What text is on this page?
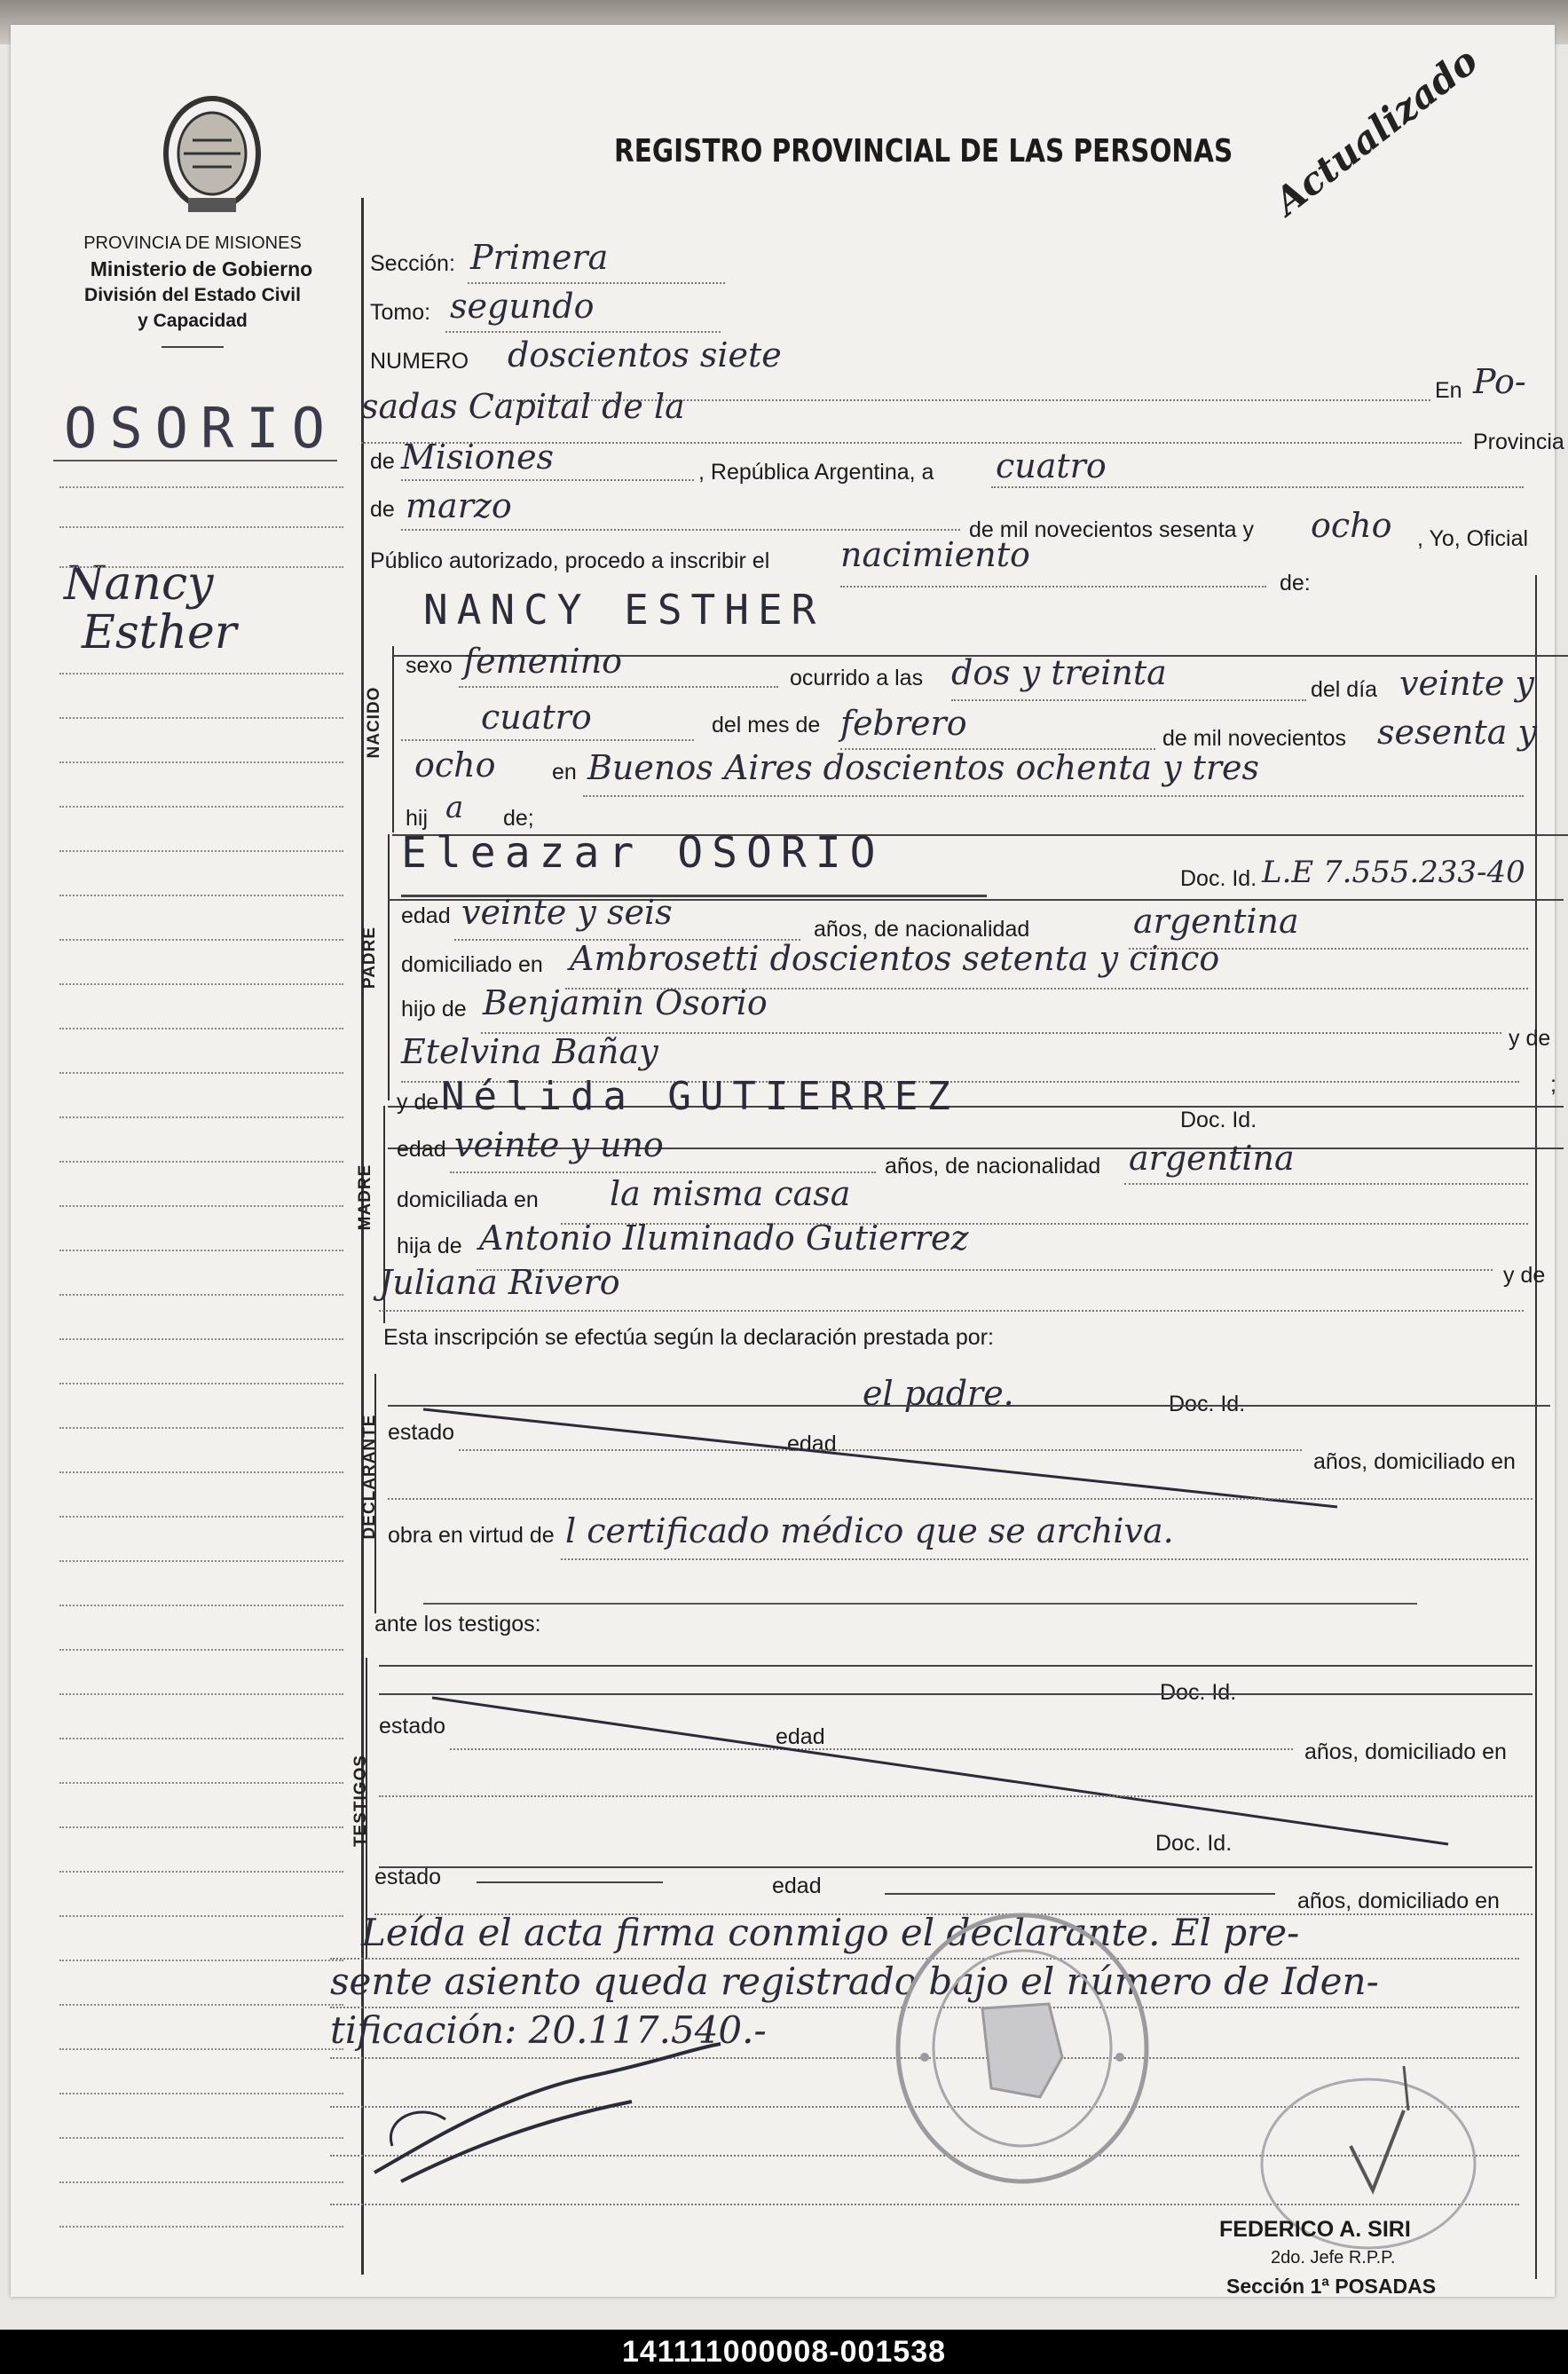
PROVINCIA DE MISIONES
Ministerio de Gobierno
División del Estado Civil
y Capacidad
REGISTRO PROVINCIAL DE LAS PERSONAS Actualizado
OSORIO
Nancy
Esther
Sección: Primera
Tomo: segundo
NUMERO doscientos siete
En Po-
sadas Capital de la
Provincia
de Misiones	, República Argentina, a cuatro
de marzo
de mil novecientos sesenta y ocho , Yo, Oficial
Público autorizado, procedo a inscribir el nacimiento
de:
NANCY ESTHER
NACIDO
sexo femenino	ocurrido a las dos y treinta	del día veinte y
cuatro	del mes de febrero	de mil novecientos sesenta y
ocho	en Buenos Aires doscientos ochenta y tres
hij a de;
PADRE
Eleazar OSORIO
Doc. Id. L.E 7.555.233-40
edad veinte y seis	años, de nacionalidad	argentina
domiciliado en Ambrosetti doscientos setenta y cinco
hijo de Benjamin Osorio
y de
Etelvina Bañay
;
MADRE
y de Nélida GUTIERREZ
Doc. Id.
edad veinte y uno
años, de nacionalidad argentina
domiciliada en la misma casa
hija de Antonio Iluminado Gutierrez
y de
Juliana Rivero
Esta inscripción se efectúa según la declaración prestada por:
DECLARANTE
el padre.	Doc. Id.
estado	edad
años, domiciliado en
obra en virtud de l certificado médico que se archiva.
ante los testigos:
TESTIGOS
Doc. Id.
estado	edad
años, domiciliado en
Doc. Id.
estado	edad
años, domiciliado en
Leída el acta firma conmigo el declarante. El pre-
sente asiento queda registrado bajo el número de Iden-
tificación: 20.117.540.-
FEDERICO A. SIRI
2do. Jefe R.P.P.
Sección 1ª POSADAS
141111000008-001538
